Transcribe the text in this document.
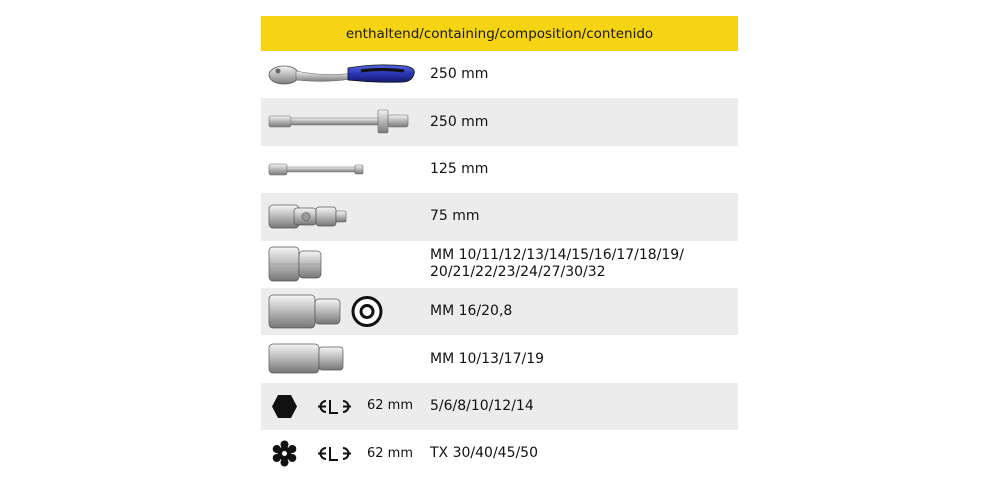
enthaltend/containing/composition/contenido
250 mm
250 mm
125 mm
75 mm
MM 10/11/12/13/14/15/16/17/18/19/
20/21/22/23/24/27/30/32
MM 16/20,8
MM 10/13/17/19
62 mm 5/6/8/10/12/14
62 mm TX 30/40/45/50
